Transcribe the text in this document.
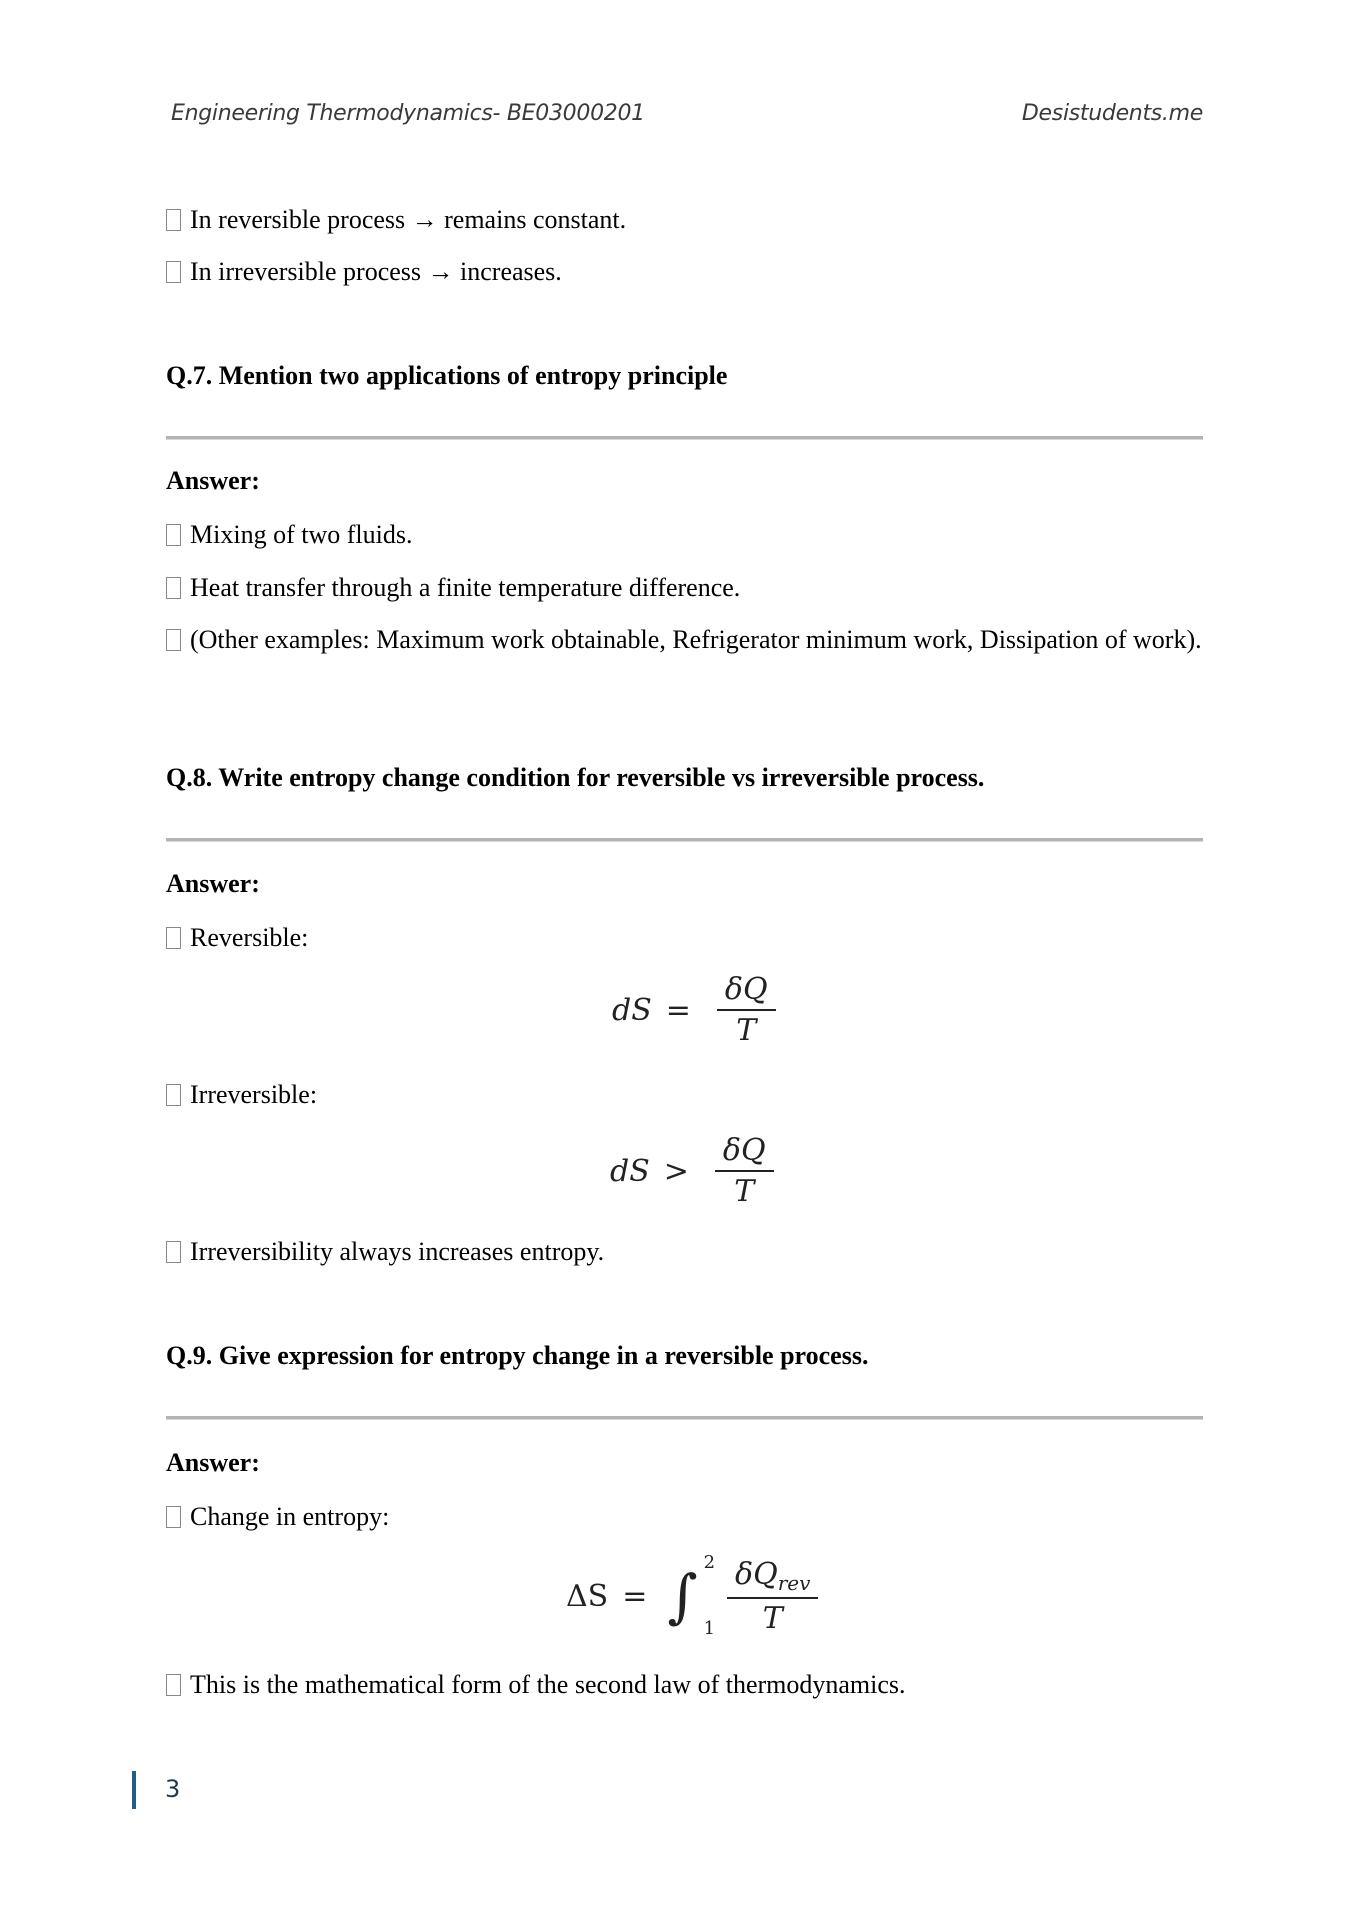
Engineering Thermodynamics- BE03000201	Desistudents.me
In reversible process → remains constant.
In irreversible process → increases.
Q.7. Mention two applications of entropy principle
Answer:
Mixing of two fluids.
Heat transfer through a finite temperature difference.
(Other examples: Maximum work obtainable, Refrigerator minimum work, Dissipation of work).
Q.8. Write entropy change condition for reversible vs irreversible process.
Answer:
Reversible:
dS = $\frac{\delta Q}{T}$
Irreversible:
dS > $\frac{\delta Q}{T}$
Irreversibility always increases entropy.
Q.9. Give expression for entropy change in a reversible process.
Answer:
Change in entropy:
ΔS = ∫ 2
$1 \frac{\delta Q_{rev}}{T}$
This is the mathematical form of the second law of thermodynamics.
3
